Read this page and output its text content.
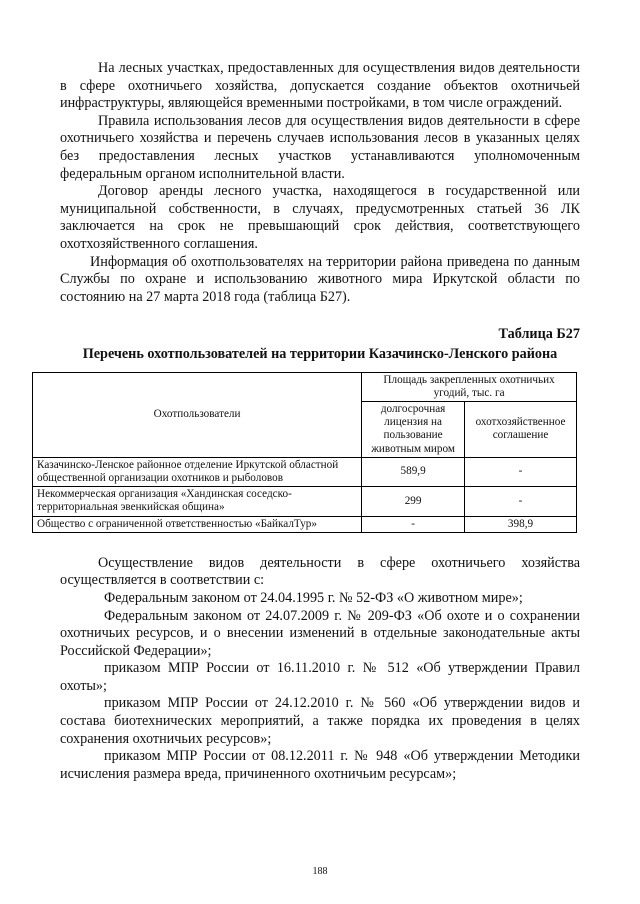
На лесных участках, предоставленных для осуществления видов деятельности в сфере охотничьего хозяйства, допускается создание объектов охотничьей инфраструктуры, являющейся временными постройками, в том числе ограждений.

Правила использования лесов для осуществления видов деятельности в сфере охотничьего хозяйства и перечень случаев использования лесов в указанных целях без предоставления лесных участков устанавливаются уполномоченным федеральным органом исполнительной власти.

Договор аренды лесного участка, находящегося в государственной или муниципальной собственности, в случаях, предусмотренных статьей 36 ЛК заключается на срок не превышающий срок действия, соответствующего охотхозяйственного соглашения.

Информация об охотпользователях на территории района приведена по данным Службы по охране и использованию животного мира Иркутской области по состоянию на 27 марта 2018 года (таблица Б27).

Таблица Б27
Перечень охотпользователей на территории Казачинско-Ленского района
Охотпользователи	Площадь закрепленных охотничьих угодий, тыс. га	
	долгосрочная лицензия на пользование животным миром	охотхозяйственное соглашение
Казачинско-Ленское районное отделение Иркутской областной общественной организации охотников и рыболовов	589,9	-
Некоммерческая организация «Хандинская соседско-территориальная эвенкийская община»	299	-
Общество с ограниченной ответственностью «БайкалТур»	-	398,9

Осуществление видов деятельности в сфере охотничьего хозяйства осуществляется в соответствии с:

Федеральным законом от 24.04.1995 г. № 52-ФЗ «О животном мире»;

Федеральным законом от 24.07.2009 г. № 209-ФЗ «Об охоте и о сохранении охотничьих ресурсов, и о внесении изменений в отдельные законодательные акты Российской Федерации»;

приказом МПР России от 16.11.2010 г. № 512 «Об утверждении Правил охоты»;

приказом МПР России от 24.12.2010 г. № 560 «Об утверждении видов и состава биотехнических мероприятий, а также порядка их проведения в целях сохранения охотничьих ресурсов»;

приказом МПР России от 08.12.2011 г. № 948 «Об утверждении Методики исчисления размера вреда, причиненного охотничьим ресурсам»;

188
